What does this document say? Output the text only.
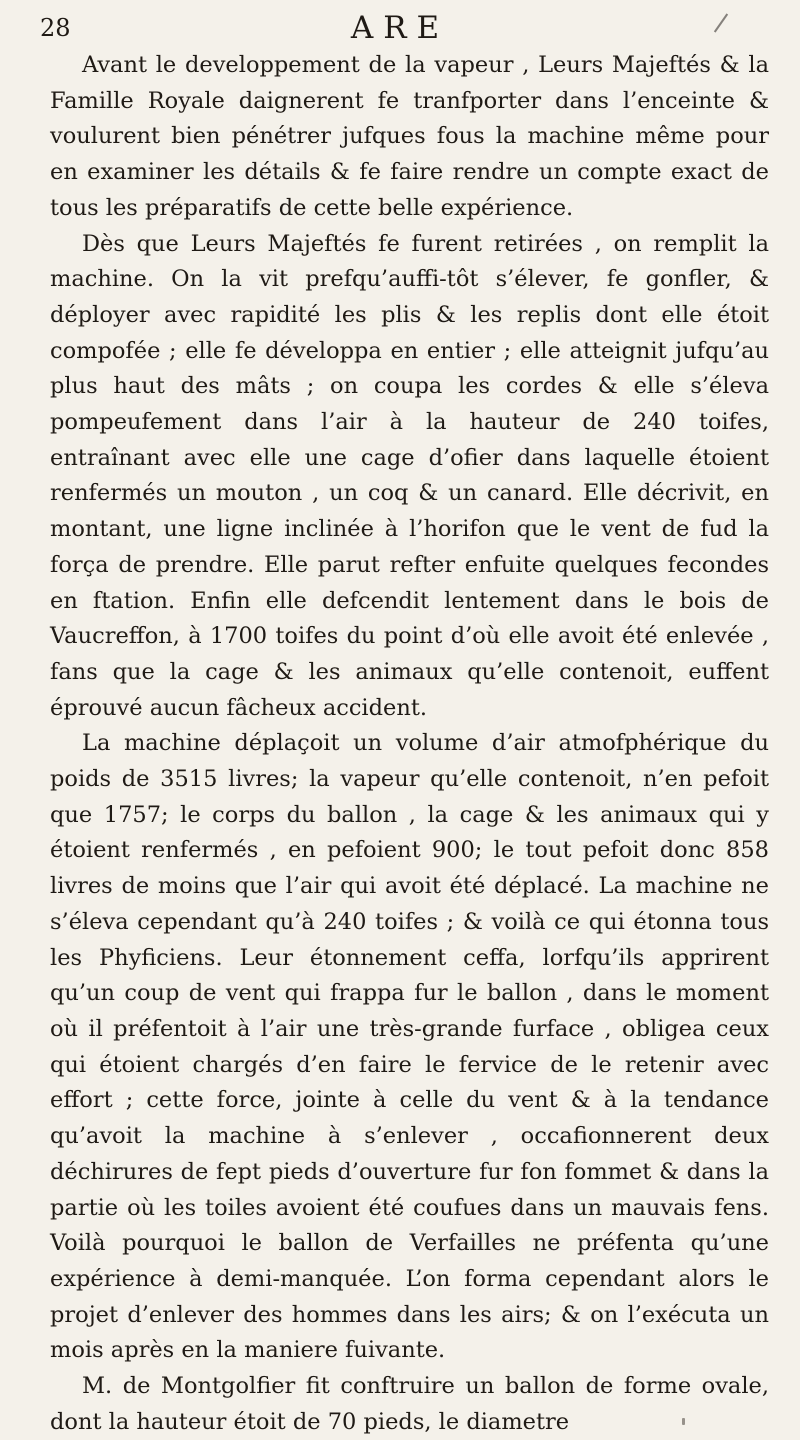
28	ARE

Avant le developpement de la vapeur , Leurs Majeftés & la Famille Royale daignerent fe tranfporter dans l’enceinte & voulurent bien pénétrer jufques fous la machine même pour en examiner les détails & fe faire rendre un compte exact de tous les préparatifs de cette belle expérience.

Dès que Leurs Majeftés fe furent retirées , on remplit la machine. On la vit prefqu’auffi-tôt s’élever, fe gonfler, & déployer avec rapidité les plis & les replis dont elle étoit compofée ; elle fe développa en entier ; elle atteignit jufqu’au plus haut des mâts ; on coupa les cordes & elle s’éleva pompeufement dans l’air à la hauteur de 240 toifes, entraînant avec elle une cage d’ofier dans laquelle étoient renfermés un mouton , un coq & un canard. Elle décrivit, en montant, une ligne inclinée à l’horifon que le vent de fud la força de prendre. Elle parut refter enfuite quelques fecondes en ftation. Enfin elle defcendit lentement dans le bois de Vaucreffon, à 1700 toifes du point d’où elle avoit été enlevée , fans que la cage & les animaux qu’elle contenoit, euffent éprouvé aucun fâcheux accident.

La machine déplaçoit un volume d’air atmofphérique du poids de 3515 livres; la vapeur qu’elle contenoit, n’en pefoit que 1757; le corps du ballon , la cage & les animaux qui y étoient renfermés , en pefoient 900; le tout pefoit donc 858 livres de moins que l’air qui avoit été déplacé. La machine ne s’éleva cependant qu’à 240 toifes ; & voilà ce qui étonna tous les Phyficiens. Leur étonnement ceffa, lorfqu’ils apprirent qu’un coup de vent qui frappa fur le ballon , dans le moment où il préfentoit à l’air une très-grande furface , obligea ceux qui étoient chargés d’en faire le fervice de le retenir avec effort ; cette force, jointe à celle du vent & à la tendance qu’avoit la machine à s’enlever , occafionnerent deux déchirures de fept pieds d’ouverture fur fon fommet & dans la partie où les toiles avoient été coufues dans un mauvais fens. Voilà pourquoi le ballon de Verfailles ne préfenta qu’une expérience à demi-manquée. L’on forma cependant alors le projet d’enlever des hommes dans les airs; & on l’exécuta un mois après en la maniere fuivante.

M. de Montgolfier fit conftruire un ballon de forme ovale, dont la hauteur étoit de 70 pieds, le diametre
